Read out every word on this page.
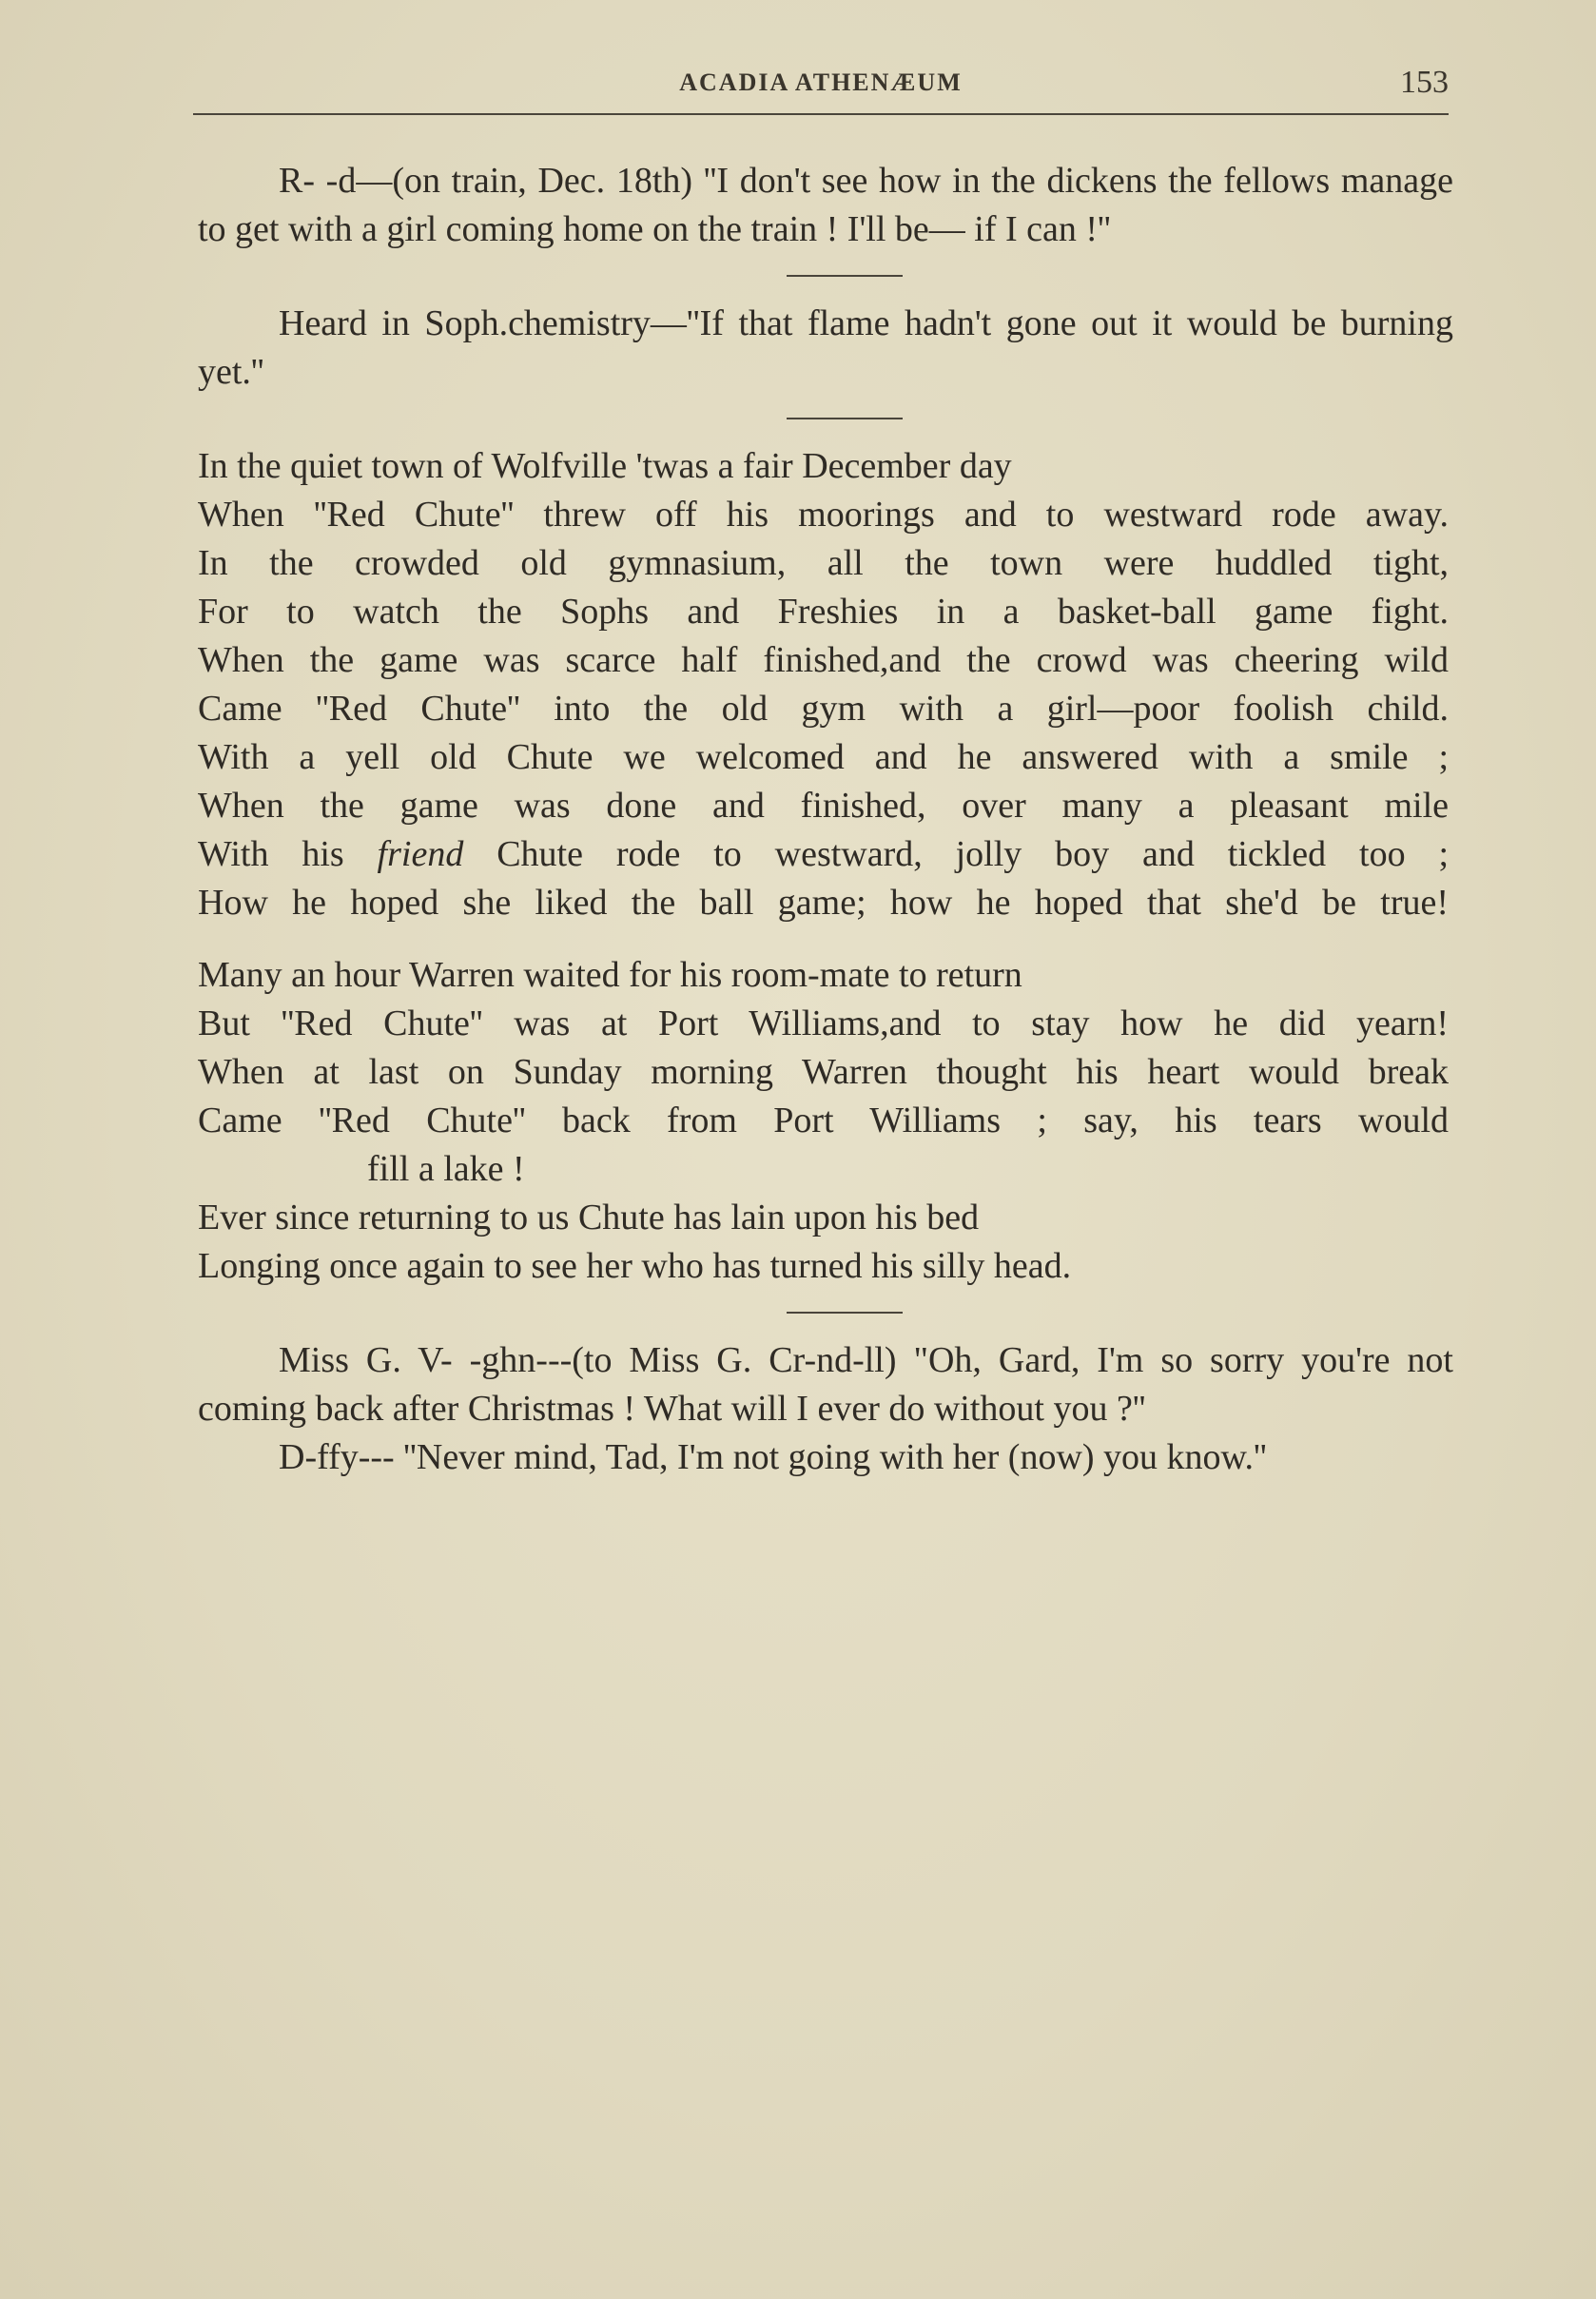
ACADIA ATHENÆUM	153

R- -d—(on train, Dec. 18th) ''I don't see how in the dickens the fellows manage to get with a girl coming home on the train ! I'll be— if I can !''

Heard in Soph.chemistry—''If that flame hadn't gone out it would be burning yet.''

In the quiet town of Wolfville 'twas a fair December day

When ''Red Chute'' threw off his moorings and to westward rode away.

In the crowded old gymnasium, all the town were huddled tight,

For to watch the Sophs and Freshies in a basket-ball game fight.

When the game was scarce half finished,and the crowd was cheering wild

Came ''Red Chute'' into the old gym with a girl—poor foolish child.

With a yell old Chute we welcomed and he answered with a smile ;

When the game was done and finished, over many a pleasant mile

With his friend Chute rode to westward, jolly boy and tickled too ;

How he hoped she liked the ball game; how he hoped that she'd be true!

Many an hour Warren waited for his room-mate to return

But ''Red Chute'' was at Port Williams,and to stay how he did yearn!

When at last on Sunday morning Warren thought his heart would break

Came ''Red Chute'' back from Port Williams ; say, his tears would

fill a lake !

Ever since returning to us Chute has lain upon his bed

Longing once again to see her who has turned his silly head.

Miss G. V- -ghn---(to Miss G. Cr-nd-ll) "Oh, Gard, I'm so sorry you're not coming back after Christmas ! What will I ever do without you ?''

D-ffy--- ''Never mind, Tad, I'm not going with her (now) you know.''
